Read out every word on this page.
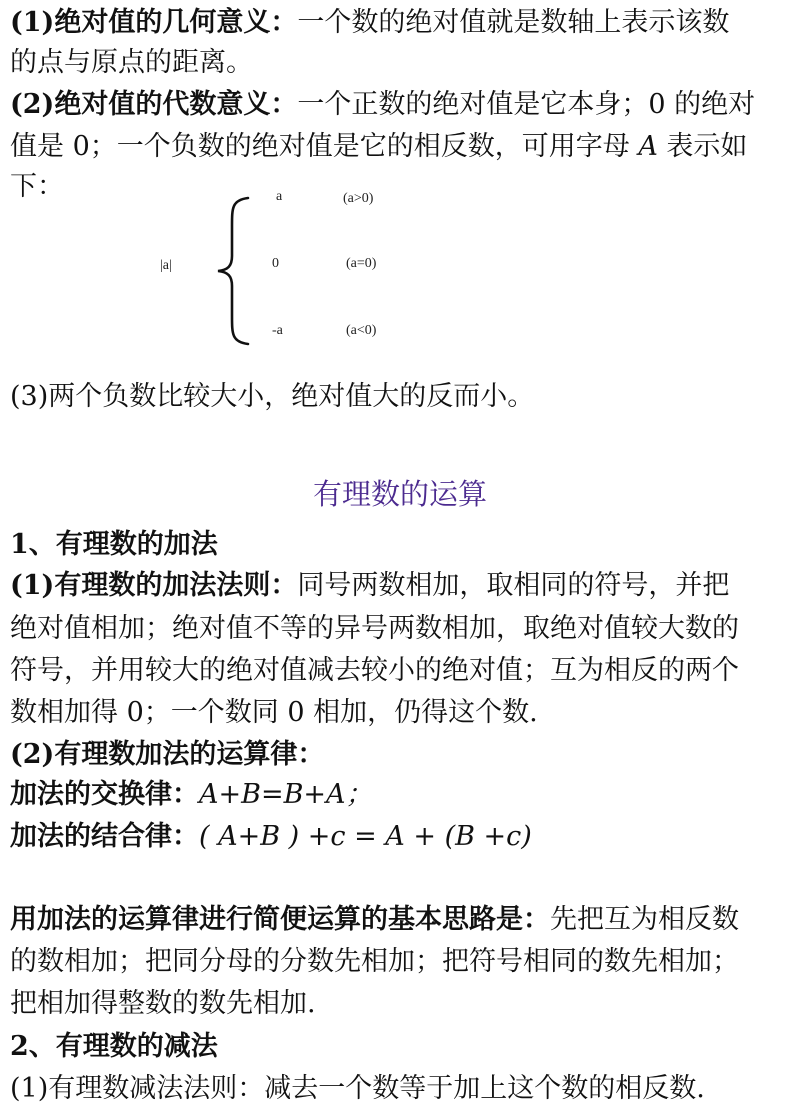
(1)绝对值的几何意义：一个数的绝对值就是数轴上表示该数
的点与原点的距离。
(2)绝对值的代数意义：一个正数的绝对值是它本身；0 的绝对
值是 0；一个负数的绝对值是它的相反数，可用字母 A 表示如
下：
|a|
a	(a>0)
0	(a=0)
-a	(a<0)
(3)两个负数比较大小，绝对值大的反而小。
有理数的运算
1、有理数的加法
(1)有理数的加法法则：同号两数相加，取相同的符号，并把
绝对值相加；绝对值不等的异号两数相加，取绝对值较大数的
符号，并用较大的绝对值减去较小的绝对值；互为相反的两个
数相加得 0；一个数同 0 相加，仍得这个数.
(2)有理数加法的运算律：
加法的交换律：A+B=B+A；
加法的结合律：( A+B ) +c = A + (B +c)
用加法的运算律进行简便运算的基本思路是：先把互为相反数
的数相加；把同分母的分数先相加；把符号相同的数先相加；
把相加得整数的数先相加.
2、有理数的减法
(1)有理数减法法则：减去一个数等于加上这个数的相反数.
